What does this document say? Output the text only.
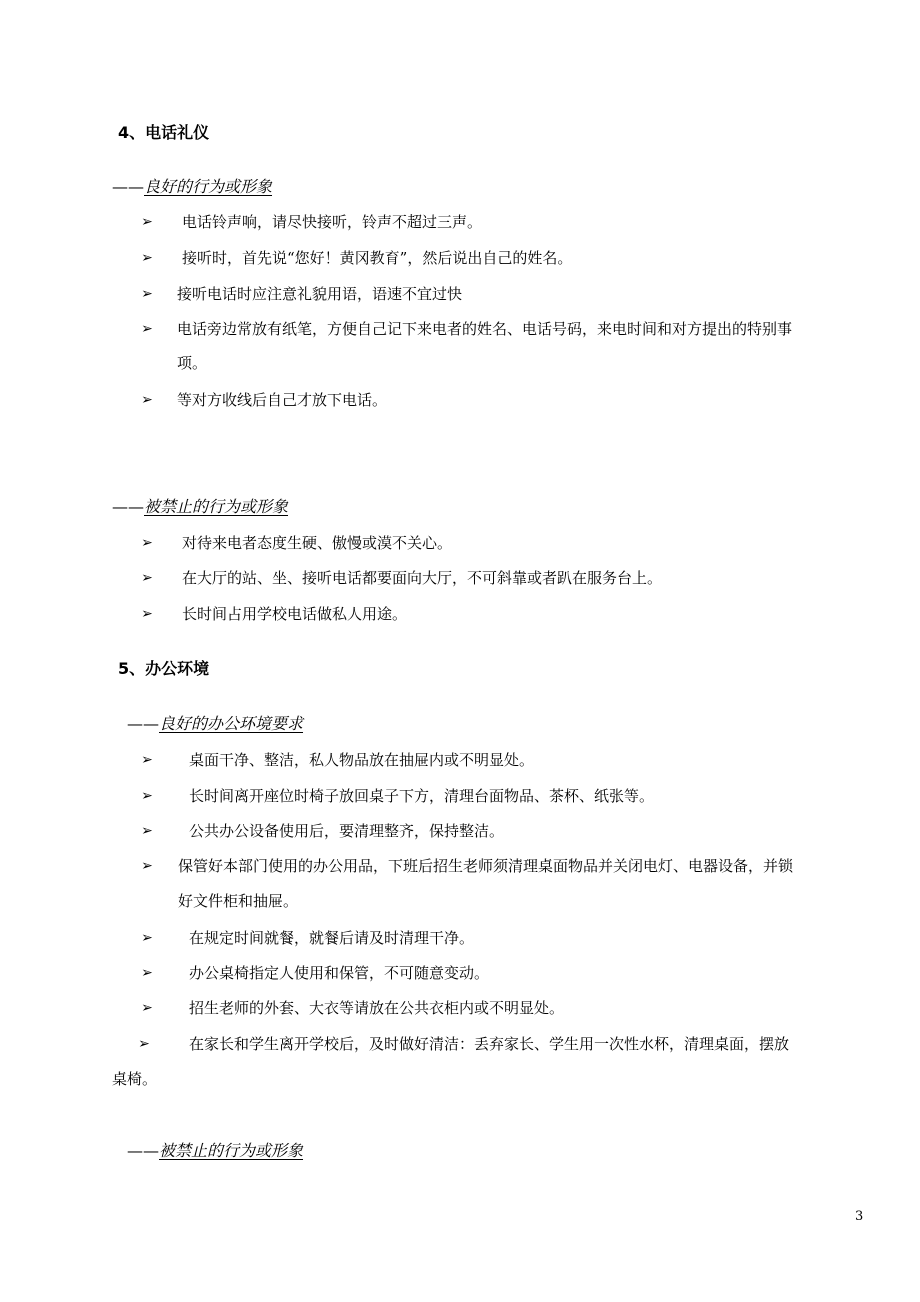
4、电话礼仪
——良好的行为或形象
➢ 电话铃声响，请尽快接听，铃声不超过三声。
➢ 接听时，首先说“您好！黄冈教育”，然后说出自己的姓名。
➢ 接听电话时应注意礼貌用语，语速不宜过快
➢ 电话旁边常放有纸笔，方便自己记下来电者的姓名、电话号码，来电时间和对方提出的特别事
项。
➢ 等对方收线后自己才放下电话。
——被禁止的行为或形象
➢ 对待来电者态度生硬、傲慢或漠不关心。
➢ 在大厅的站、坐、接听电话都要面向大厅，不可斜靠或者趴在服务台上。
➢ 长时间占用学校电话做私人用途。
5、办公环境
——良好的办公环境要求
➢ 桌面干净、整洁，私人物品放在抽屉内或不明显处。
➢ 长时间离开座位时椅子放回桌子下方，清理台面物品、茶杯、纸张等。
➢ 公共办公设备使用后，要清理整齐，保持整洁。
➢ 保管好本部门使用的办公用品，下班后招生老师须清理桌面物品并关闭电灯、电器设备，并锁
好文件柜和抽屉。
➢ 在规定时间就餐，就餐后请及时清理干净。
➢ 办公桌椅指定人使用和保管，不可随意变动。
➢ 招生老师的外套、大衣等请放在公共衣柜内或不明显处。
➢	在家长和学生离开学校后，及时做好清洁：丢弃家长、学生用一次性水杯，清理桌面，摆放
桌椅。
——被禁止的行为或形象
3
